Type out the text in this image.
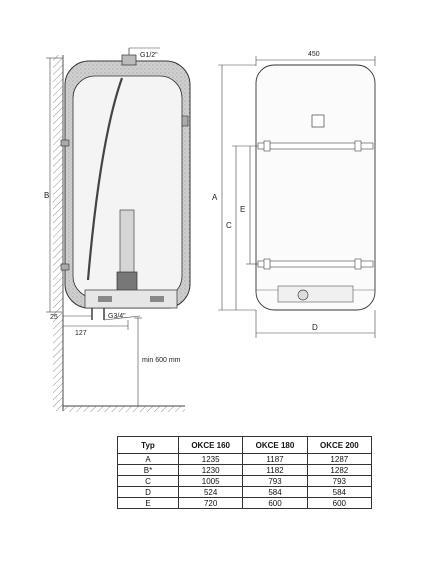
B
G1/2"
25
127
G3/4"
min 600 mm
450
A
C
E
D
Typ	OKCE 160	OKCE 180	OKCE 200
A	1235	1187	1287
B*	1230	1182	1282
C	1005	793	793
D	524	584	584
E	720	600	600
